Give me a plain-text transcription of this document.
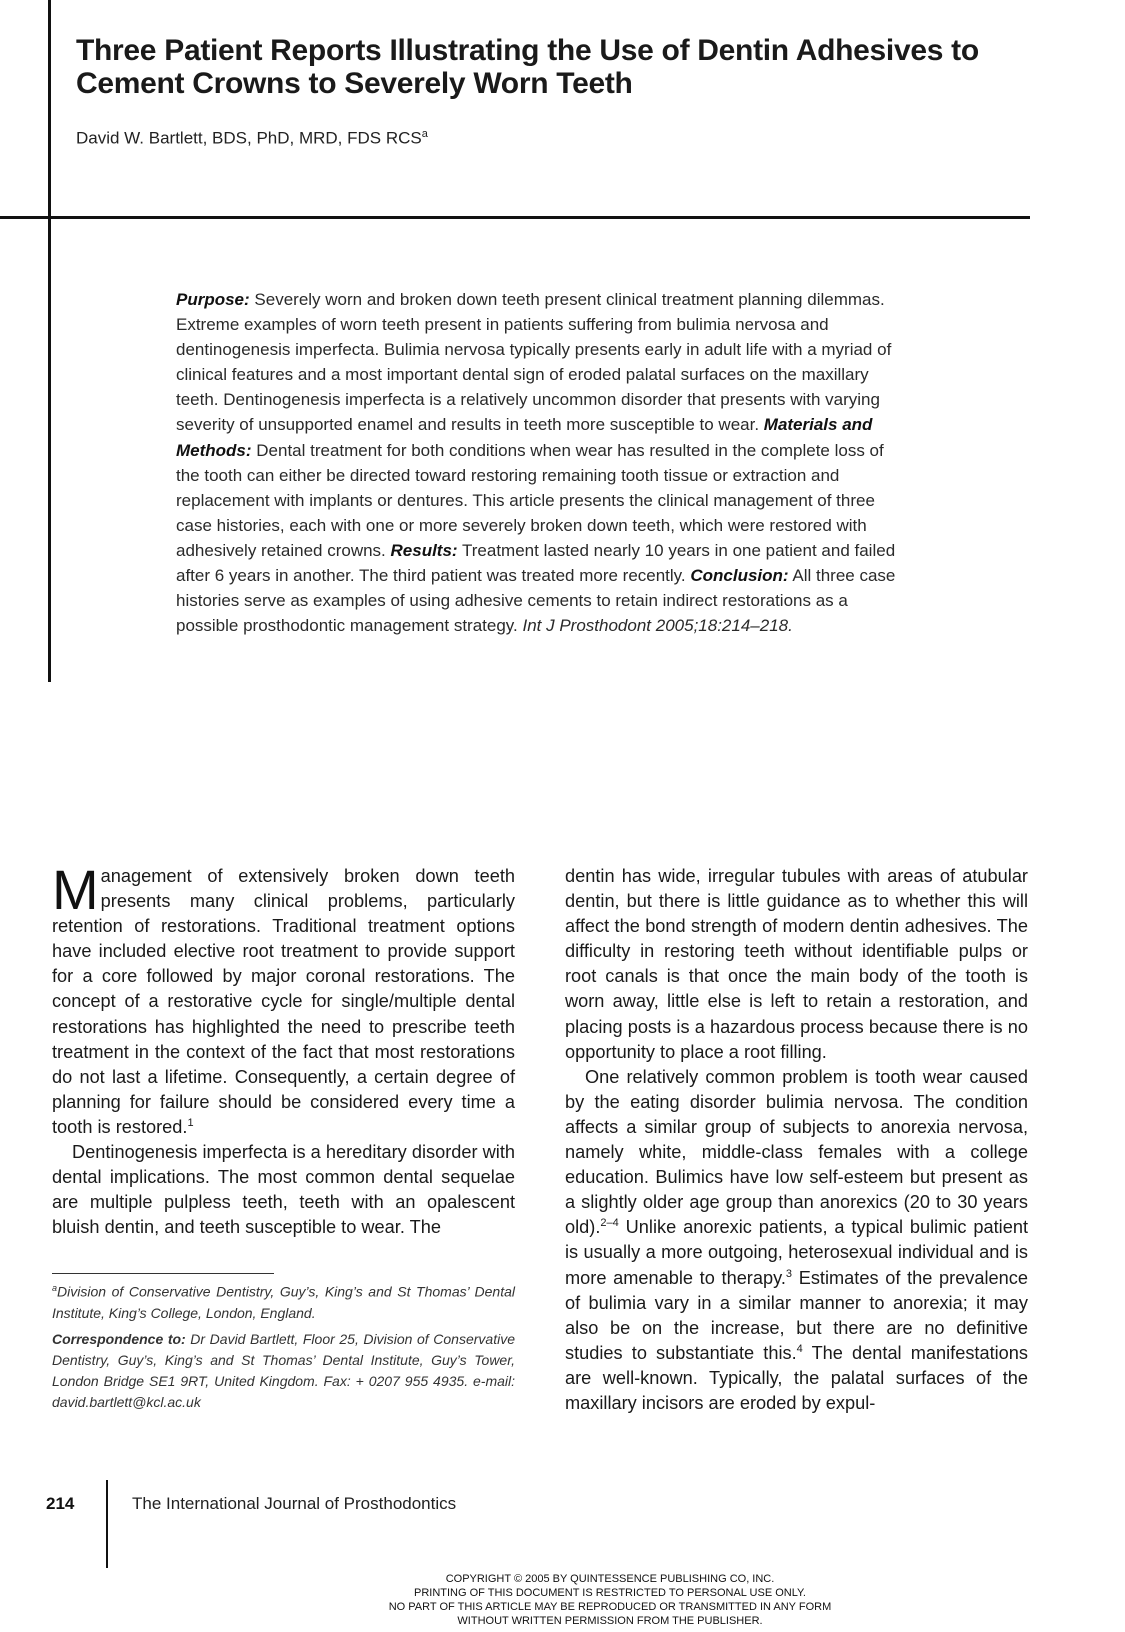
Three Patient Reports Illustrating the Use of Dentin Adhesives to Cement Crowns to Severely Worn Teeth
David W. Bartlett, BDS, PhD, MRD, FDS RCS$^a$

Purpose: Severely worn and broken down teeth present clinical treatment planning dilemmas. Extreme examples of worn teeth present in patients suffering from bulimia nervosa and dentinogenesis imperfecta. Bulimia nervosa typically presents early in adult life with a myriad of clinical features and a most important dental sign of eroded palatal surfaces on the maxillary teeth. Dentinogenesis imperfecta is a relatively uncommon disorder that presents with varying severity of unsupported enamel and results in teeth more susceptible to wear. Materials and Methods: Dental treatment for both conditions when wear has resulted in the complete loss of the tooth can either be directed toward restoring remaining tooth tissue or extraction and replacement with implants or dentures. This article presents the clinical management of three case histories, each with one or more severely broken down teeth, which were restored with adhesively retained crowns. Results: Treatment lasted nearly 10 years in one patient and failed after 6 years in another. The third patient was treated more recently. Conclusion: All three case histories serve as examples of using adhesive cements to retain indirect restorations as a possible prosthodontic management strategy. Int J Prosthodont 2005;18:214–218.

Management of extensively broken down teeth presents many clinical problems, particularly retention of restorations. Traditional treatment options have included elective root treatment to provide support for a core followed by major coronal restorations. The concept of a restorative cycle for single/multiple dental restorations has highlighted the need to prescribe teeth treatment in the context of the fact that most restorations do not last a lifetime. Consequently, a certain degree of planning for failure should be considered every time a tooth is restored.$^1$

Dentinogenesis imperfecta is a hereditary disorder with dental implications. The most common dental sequelae are multiple pulpless teeth, teeth with an opalescent bluish dentin, and teeth susceptible to wear. The

dentin has wide, irregular tubules with areas of atubular dentin, but there is little guidance as to whether this will affect the bond strength of modern dentin adhesives. The difficulty in restoring teeth without identifiable pulps or root canals is that once the main body of the tooth is worn away, little else is left to retain a restoration, and placing posts is a hazardous process because there is no opportunity to place a root filling.

One relatively common problem is tooth wear caused by the eating disorder bulimia nervosa. The condition affects a similar group of subjects to anorexia nervosa, namely white, middle-class females with a college education. Bulimics have low self-esteem but present as a slightly older age group than anorexics (20 to 30 years old).$^{2-4}$ Unlike anorexic patients, a typical bulimic patient is usually a more outgoing, heterosexual individual and is more amenable to therapy.$^3$ Estimates of the prevalence of bulimia vary in a similar manner to anorexia; it may also be on the increase, but there are no definitive studies to substantiate this.$^4$ The dental manifestations are well-known. Typically, the palatal surfaces of the maxillary incisors are eroded by expul-

$^a$Division of Conservative Dentistry, Guy’s, King’s and St Thomas’ Dental Institute, King’s College, London, England.

Correspondence to: Dr David Bartlett, Floor 25, Division of Conservative Dentistry, Guy’s, King’s and St Thomas’ Dental Institute, Guy’s Tower, London Bridge SE1 9RT, United Kingdom. Fax: + 0207 955 4935. e-mail: david.bartlett@kcl.ac.uk

214	The International Journal of Prosthodontics
COPYRIGHT © 2005 BY QUINTESSENCE PUBLISHING CO, INC.
PRINTING OF THIS DOCUMENT IS RESTRICTED TO PERSONAL USE ONLY.
NO PART OF THIS ARTICLE MAY BE REPRODUCED OR TRANSMITTED IN ANY FORM
WITHOUT WRITTEN PERMISSION FROM THE PUBLISHER.
